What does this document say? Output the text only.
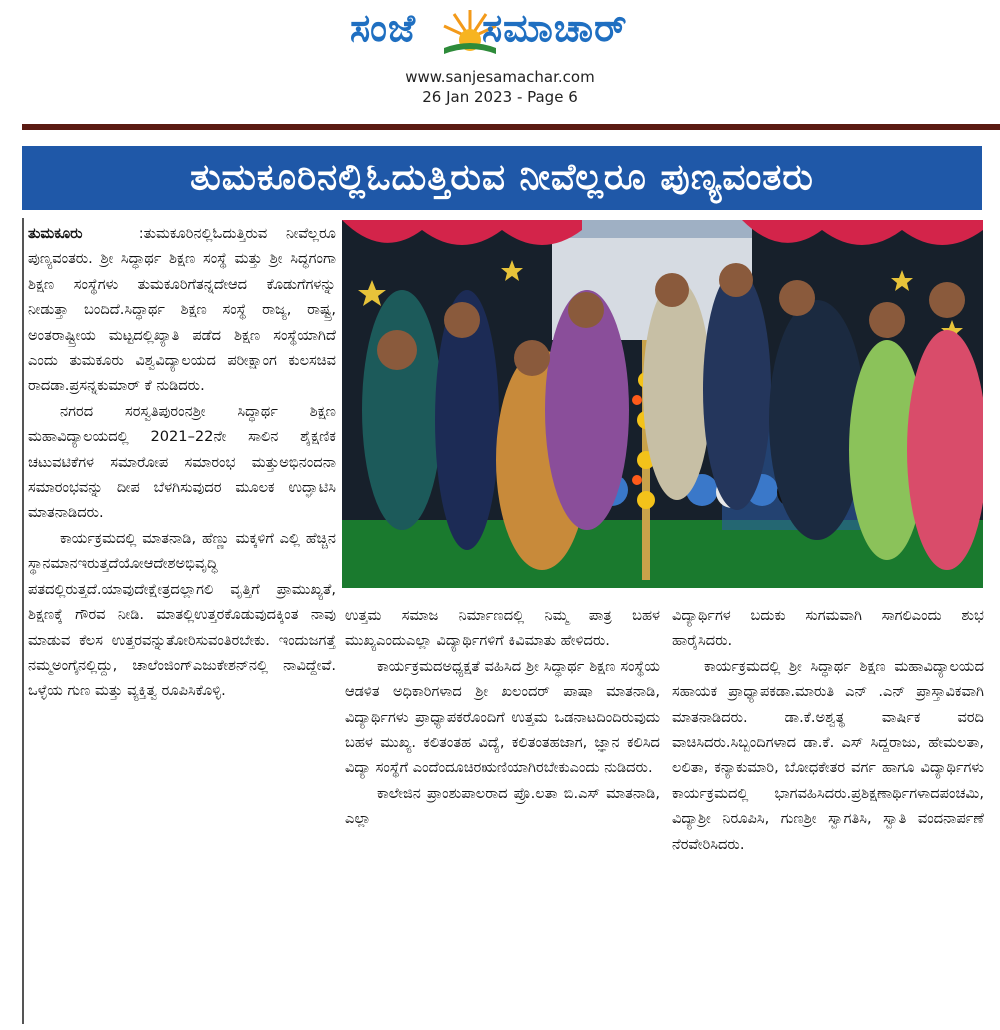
ಸಂಜೆ ಸಮಾಚಾರ್
www.sanjesamachar.com
26 Jan 2023 - Page 6
ತುಮಕೂರಿನಲ್ಲಿಓದುತ್ತಿರುವ ನೀವೆಲ್ಲರೂ ಪುಣ್ಯವಂತರು

ತುಮಕೂರು	:ತುಮಕೂರಿನಲ್ಲಿಓದುತ್ತಿರುವ ನೀವೆಲ್ಲರೂ ಪುಣ್ಯವಂತರು. ಶ್ರೀ ಸಿದ್ಧಾರ್ಥ ಶಿಕ್ಷಣ ಸಂಸ್ಥೆ ಮತ್ತು ಶ್ರೀ ಸಿದ್ಧಗಂಗಾ ಶಿಕ್ಷಣ ಸಂಸ್ಥೆಗಳು ತುಮಕೂರಿಗೆತನ್ನದೇಆದ ಕೊಡುಗೆಗಳನ್ನು ನೀಡುತ್ತಾ ಬಂದಿದೆ.ಸಿದ್ಧಾರ್ಥ ಶಿಕ್ಷಣ ಸಂಸ್ಥೆ ರಾಜ್ಯ, ರಾಷ್ಟ್ರ, ಅಂತರಾಷ್ಟ್ರೀಯ ಮಟ್ಟದಲ್ಲಿಖ್ಯಾತಿ ಪಡೆದ ಶಿಕ್ಷಣ ಸಂಸ್ಥೆಯಾಗಿದೆ ಎಂದು ತುಮಕೂರು ವಿಶ್ವವಿದ್ಯಾಲಯದ ಪರೀಕ್ಷಾಂಗ ಕುಲಸಚಿವ ರಾದಡಾ.ಪ್ರಸನ್ನಕುಮಾರ್ ಕೆ ನುಡಿದರು.

ನಗರದ ಸರಸ್ವತಿಪುರಂನಶ್ರೀ ಸಿದ್ಧಾರ್ಥ ಶಿಕ್ಷಣ ಮಹಾವಿದ್ಯಾಲಯದಲ್ಲಿ 2021–22ನೇ ಸಾಲಿನ ಶೈಕ್ಷಣಿಕ ಚಟುವಟಿಕೆಗಳ ಸಮಾರೋಪ ಸಮಾರಂಭ ಮತ್ತುಅಭಿನಂದನಾ ಸಮಾರಂಭವನ್ನು ದೀಪ ಬೆಳಗಿಸುವುದರ ಮೂಲಕ ಉದ್ಘಾಟಿಸಿ ಮಾತನಾಡಿದರು.

ಕಾರ್ಯಕ್ರಮದಲ್ಲಿ ಮಾತನಾಡಿ, ಹೆಣ್ಣು ಮಕ್ಕಳಿಗೆ ಎಲ್ಲಿ ಹೆಚ್ಚಿನ ಸ್ಥಾನಮಾನಇರುತ್ತದೆಯೋಆದೇಶಅಭಿವೃದ್ಧಿ ಪತದಲ್ಲಿರುತ್ತದೆ.ಯಾವುದೇಕ್ಷೇತ್ರದಲ್ಲಾಗಲಿ ವೃತ್ತಿಗೆ ಪ್ರಾಮುಖ್ಯತೆ, ಶಿಕ್ಷಣಕ್ಕೆ ಗೌರವ ನೀಡಿ. ಮಾತಲ್ಲಿಉತ್ತರಕೊಡುವುದಕ್ಕಿಂತ ನಾವು ಮಾಡುವ ಕೆಲಸ ಉತ್ತರವನ್ನುತೋರಿಸುವಂತಿರಬೇಕು. ಇಂದುಜಗತ್ತೆ ನಮ್ಮಅಂಗೈನಲ್ಲಿದ್ದು, ಚಾಲೆಂಜಿಂಗ್ಎಜುಕೇಶನ್‌ನಲ್ಲಿ ನಾವಿದ್ದೇವೆ. ಒಳ್ಳೆಯ ಗುಣ ಮತ್ತು ವ್ಯಕ್ತಿತ್ವ ರೂಪಿಸಿಕೊಳ್ಳಿ.

ಉತ್ತಮ ಸಮಾಜ ನಿರ್ಮಾಣದಲ್ಲಿ ನಿಮ್ಮ ಪಾತ್ರ ಬಹಳ ಮುಖ್ಯಎಂದುಎಲ್ಲಾ ವಿದ್ಯಾರ್ಥಿಗಳಿಗೆ ಕಿವಿಮಾತು ಹೇಳಿದರು.

ಕಾರ್ಯಕ್ರಮದಅಧ್ಯಕ್ಷತೆ ವಹಿಸಿದ ಶ್ರೀ ಸಿದ್ಧಾರ್ಥ ಶಿಕ್ಷಣ ಸಂಸ್ಥೆಯ ಆಡಳಿತ ಅಧಿಕಾರಿಗಳಾದ ಶ್ರೀ ಖಲಂದರ್ ಪಾಷಾ ಮಾತನಾಡಿ, ವಿದ್ಯಾರ್ಥಿಗಳು ಪ್ರಾಧ್ಯಾಪಕರೊಂದಿಗೆ ಉತ್ತಮ ಒಡನಾಟದಿಂದಿರುವುದು ಬಹಳ ಮುಖ್ಯ. ಕಲಿತಂತಹ ವಿದ್ಯೆ, ಕಲಿತಂತಹಜಾಗ, ಜ್ಞಾನ ಕಲಿಸಿದ ವಿದ್ಯಾ ಸಂಸ್ಥೆಗೆ ಎಂದೆಂದೂಚಿರಋಣಿಯಾಗಿರಬೇಕುಎಂದು ನುಡಿದರು.

ಕಾಲೇಜಿನ ಪ್ರಾಂಶುಪಾಲರಾದ ಪ್ರೊ.ಲತಾ ಬಿ.ಎಸ್ ಮಾತನಾಡಿ, ಎಲ್ಲಾ

ವಿದ್ಯಾರ್ಥಿಗಳ ಬದುಕು ಸುಗಮವಾಗಿ ಸಾಗಲಿಎಂದು ಶುಭ ಹಾರೈಸಿದರು.

ಕಾರ್ಯಕ್ರಮದಲ್ಲಿ ಶ್ರೀ ಸಿದ್ಧಾರ್ಥ ಶಿಕ್ಷಣ ಮಹಾವಿದ್ಯಾಲಯದ ಸಹಾಯಕ ಪ್ರಾಧ್ಯಾಪಕಡಾ.ಮಾರುತಿ ಎನ್ .ಎನ್ ಪ್ರಾಸ್ತಾವಿಕವಾಗಿ ಮಾತನಾಡಿದರು. ಡಾ.ಕೆ.ಅಶ್ವತ್ಥ ವಾರ್ಷಿಕ ವರದಿ ವಾಚಿಸಿದರು.ಸಿಬ್ಬಂದಿಗಳಾದ ಡಾ.ಕೆ. ಎಸ್ ಸಿದ್ದರಾಜು, ಹೇಮಲತಾ, ಲಲಿತಾ, ಕನ್ಯಾಕುಮಾರಿ, ಬೋಧಕೇತರ ವರ್ಗ ಹಾಗೂ ವಿದ್ಯಾರ್ಥಿಗಳು ಕಾರ್ಯಕ್ರಮದಲ್ಲಿ ಭಾಗವಹಿಸಿದರು.ಪ್ರಶಿಕ್ಷಣಾರ್ಥಿಗಳಾದಪಂಚಮಿ, ವಿದ್ಯಾಶ್ರೀ ನಿರೂಪಿಸಿ, ಗುಣಶ್ರೀ ಸ್ವಾಗತಿಸಿ, ಸ್ವಾತಿ ವಂದನಾರ್ಪಣೆ ನೆರವೇರಿಸಿದರು.
